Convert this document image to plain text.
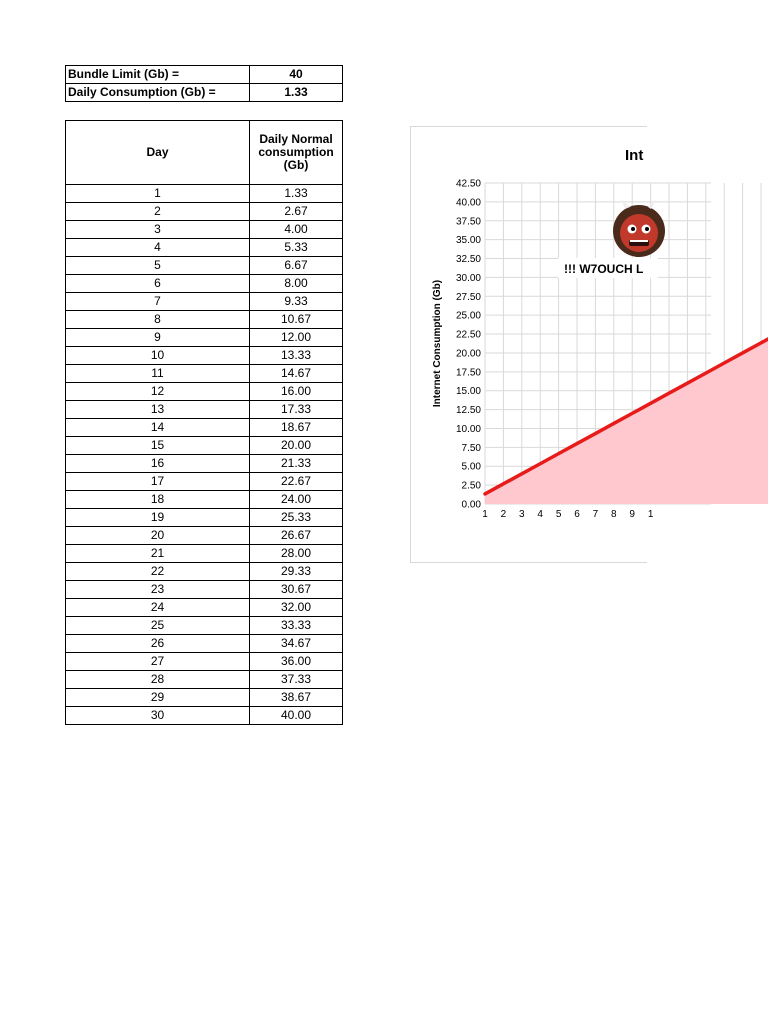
Bundle Limit (Gb) =	40
Daily Consumption (Gb) =	1.33
Day	Daily Normal
consumption
(Gb)
1	1.33
2	2.67
3	4.00
4	5.33
5	6.67
6	8.00
7	9.33
8	10.67
9	12.00
10	13.33
11	14.67
12	16.00
13	17.33
14	18.67
15	20.00
16	21.33
17	22.67
18	24.00
19	25.33
20	26.67
21	28.00
22	29.33
23	30.67
24	32.00
25	33.33
26	34.67
27	36.00
28	37.33
29	38.67
30	40.00
0.00
2.50
5.00
7.50
10.00
12.50
15.00
17.50
20.00
22.50
25.00
27.50
30.00
32.50
35.00
37.50
40.00
42.50
1 2 3 4 5 6 7 8 9 1
Internet Consumption (Gb)
Int
!!! W7OUCH L
